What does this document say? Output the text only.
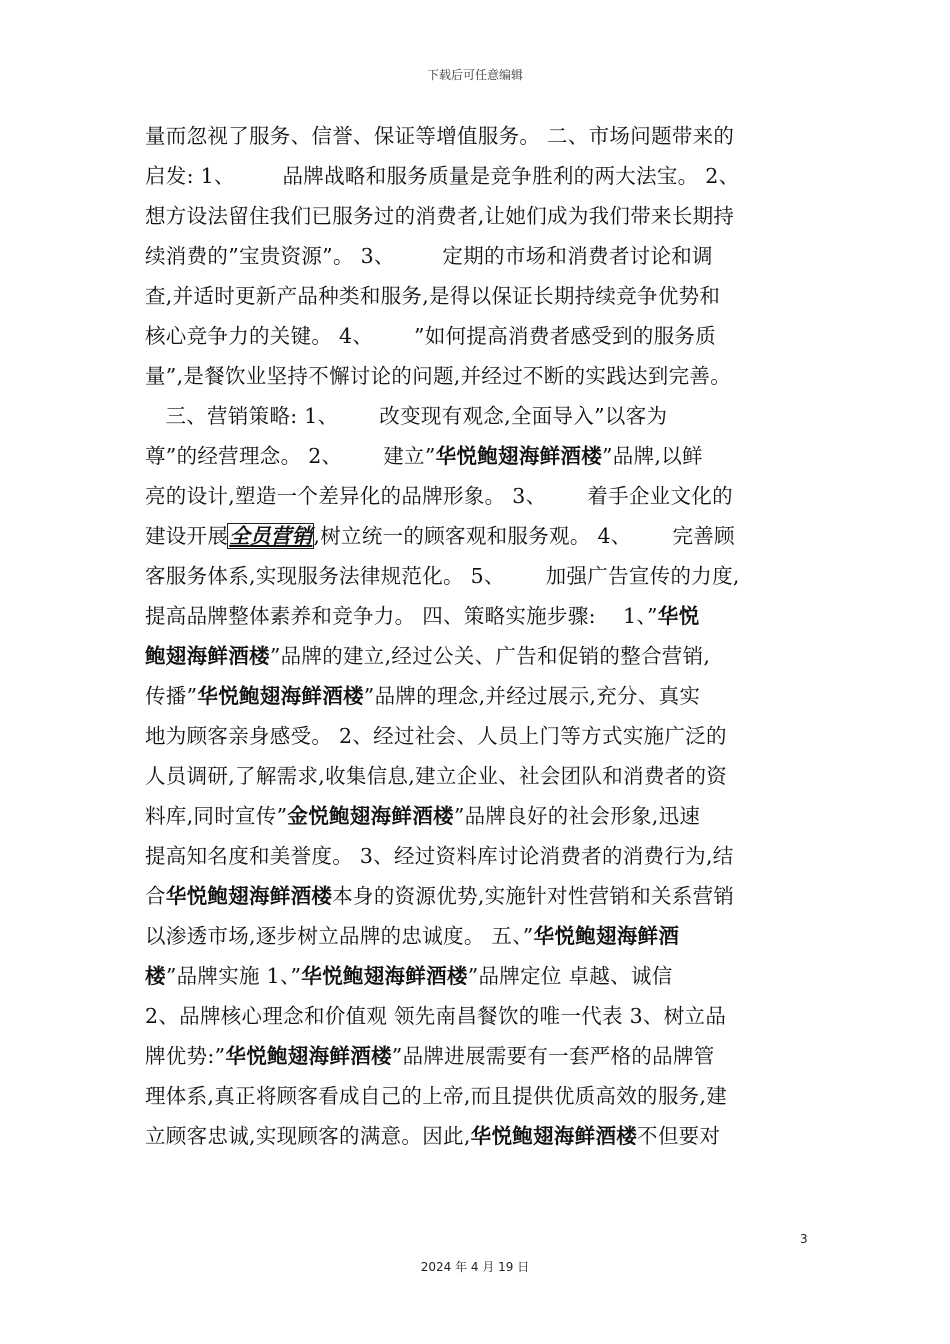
下载后可任意编辑
量而忽视了服务、信誉、保证等增值服务。 二、市场问题带来的
启发: 1、       品牌战略和服务质量是竞争胜利的两大法宝。 2、
想方设法留住我们已服务过的消费者,让她们成为我们带来长期持
续消费的”宝贵资源”。 3、       定期的市场和消费者讨论和调
查,并适时更新产品种类和服务,是得以保证长期持续竞争优势和
核心竞争力的关键。 4、      ”如何提高消费者感受到的服务质
量”,是餐饮业坚持不懈讨论的问题,并经过不断的实践达到完善。
三、营销策略: 1、      改变现有观念,全面导入”以客为
尊”的经营理念。 2、      建立”华悦鲍翅海鲜酒楼”品牌,以鲜
亮的设计,塑造一个差异化的品牌形象。 3、      着手企业文化的
建设开展全员营销,树立统一的顾客观和服务观。 4、      完善顾
客服务体系,实现服务法律规范化。 5、      加强广告宣传的力度,
提高品牌整体素养和竞争力。 四、策略实施步骤:    1、”华悦
鲍翅海鲜酒楼”品牌的建立,经过公关、广告和促销的整合营销,
传播”华悦鲍翅海鲜酒楼”品牌的理念,并经过展示,充分、真实
地为顾客亲身感受。 2、经过社会、人员上门等方式实施广泛的
人员调研,了解需求,收集信息,建立企业、社会团队和消费者的资
料库,同时宣传”金悦鲍翅海鲜酒楼”品牌良好的社会形象,迅速
提高知名度和美誉度。 3、经过资料库讨论消费者的消费行为,结
合华悦鲍翅海鲜酒楼本身的资源优势,实施针对性营销和关系营销
以渗透市场,逐步树立品牌的忠诚度。 五、”华悦鲍翅海鲜酒
楼”品牌实施 1、”华悦鲍翅海鲜酒楼”品牌定位 卓越、诚信
2、品牌核心理念和价值观 领先南昌餐饮的唯一代表 3、树立品
牌优势:”华悦鲍翅海鲜酒楼”品牌进展需要有一套严格的品牌管
理体系,真正将顾客看成自己的上帝,而且提供优质高效的服务,建
立顾客忠诚,实现顾客的满意。因此,华悦鲍翅海鲜酒楼不但要对
3
2024 年 4 月 19 日
